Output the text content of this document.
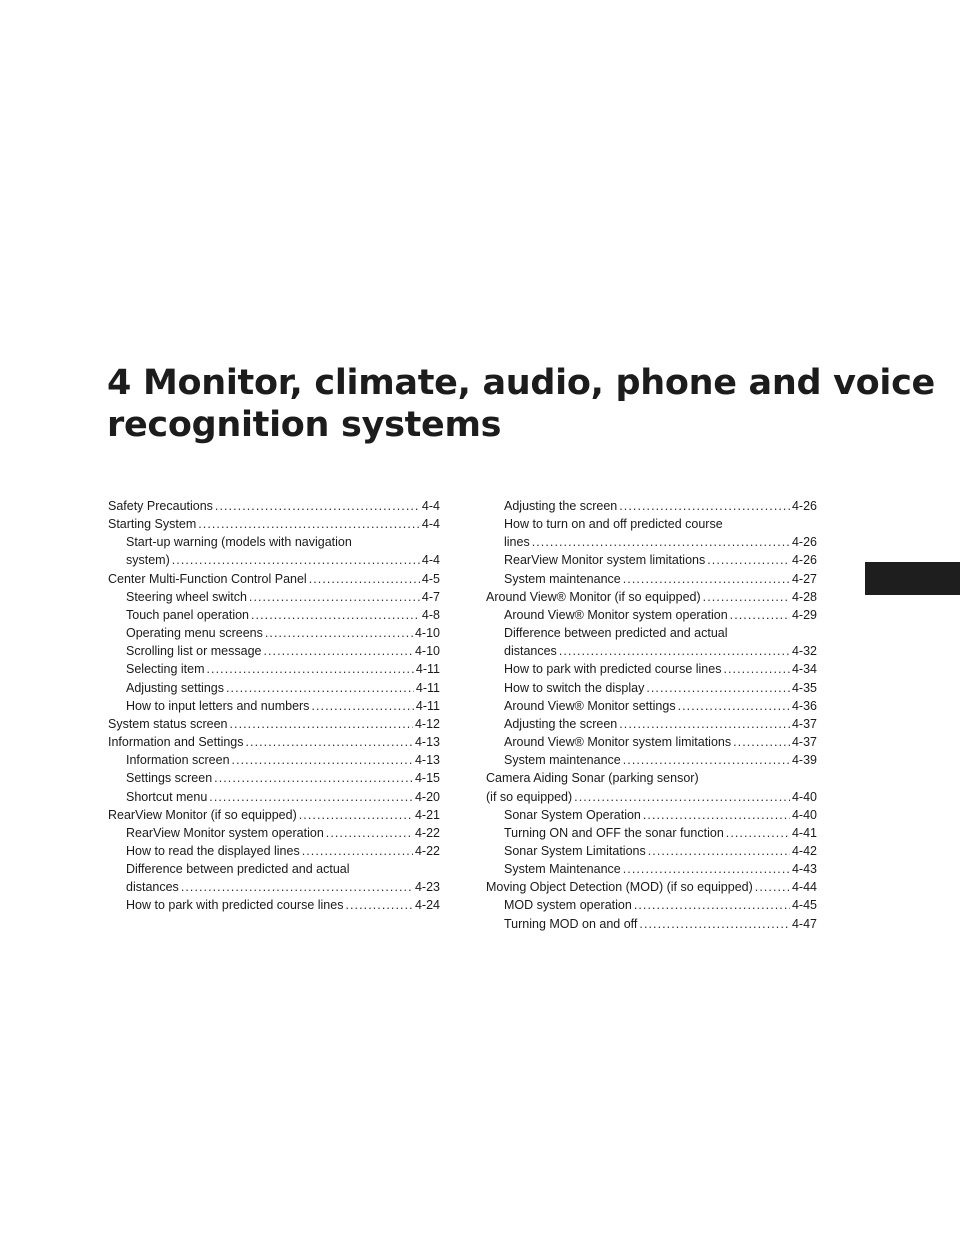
4 Monitor, climate, audio, phone and voice
recognition systems
Safety Precautions . . .	4-4
Starting System . . .	4-4
Start-up warning (models with navigation
system) . . .	4-4
Center Multi-Function Control Panel . . .	4-5
Steering wheel switch . . .	4-7
Touch panel operation . . .	4-8
Operating menu screens . . .	4-10
Scrolling list or message . . .	4-10
Selecting item . . .	4-11
Adjusting settings . . .	4-11
How to input letters and numbers . . .	4-11
System status screen . . .	4-12
Information and Settings . . .	4-13
Information screen . . .	4-13
Settings screen . . .	4-15
Shortcut menu . . .	4-20
RearView Monitor (if so equipped) . . .	4-21
RearView Monitor system operation . . .	4-22
How to read the displayed lines . . .	4-22
Difference between predicted and actual
distances . . .	4-23
How to park with predicted course lines . . .	4-24
Adjusting the screen . . .	4-26
How to turn on and off predicted course
lines . . .	4-26
RearView Monitor system limitations . . .	4-26
System maintenance . . .	4-27
Around View® Monitor (if so equipped) . . .	4-28
Around View® Monitor system operation . . .	4-29
Difference between predicted and actual
distances . . .	4-32
How to park with predicted course lines . . .	4-34
How to switch the display . . .	4-35
Around View® Monitor settings . . .	4-36
Adjusting the screen . . .	4-37
Around View® Monitor system limitations . . .	4-37
System maintenance . . .	4-39
Camera Aiding Sonar (parking sensor)
(if so equipped) . . .	4-40
Sonar System Operation . . .	4-40
Turning ON and OFF the sonar function . . .	4-41
Sonar System Limitations . . .	4-42
System Maintenance . . .	4-43
Moving Object Detection (MOD) (if so equipped) . . .	4-44
MOD system operation . . .	4-45
Turning MOD on and off . . .	4-47
